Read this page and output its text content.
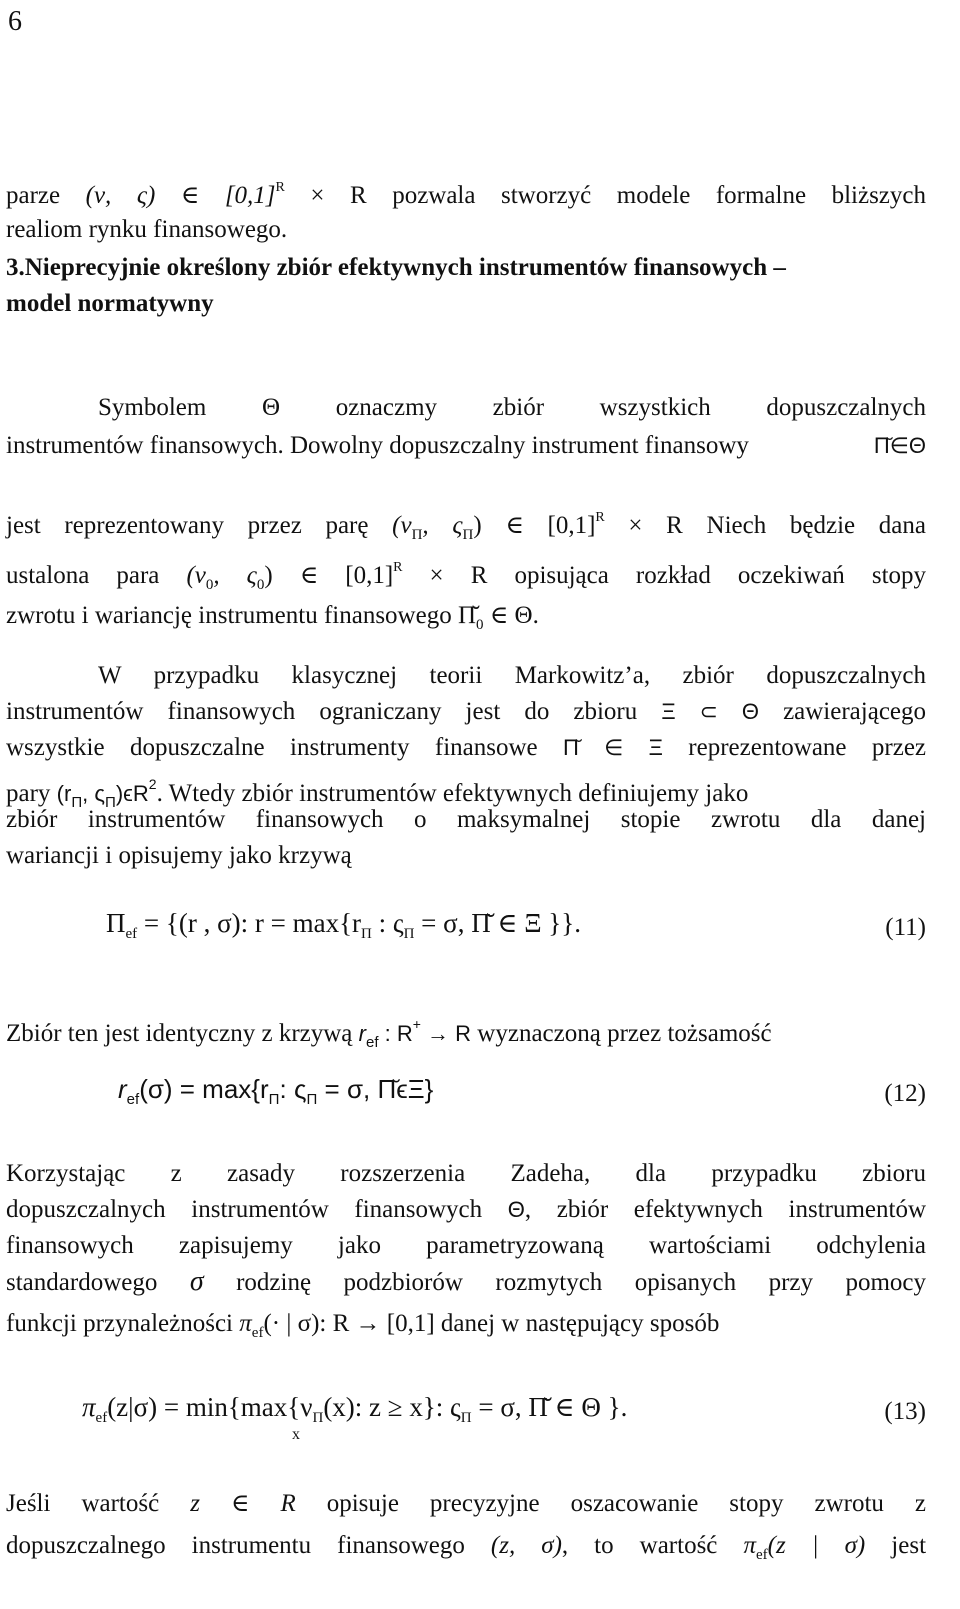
6
parze (ν, ς) ∈ $[0,1]^R \times R$ pozwala stworzyć modele formalne bliższych
realiom rynku finansowego.
3.Nieprecyjnie określony zbiór efektywnych instrumentów finansowych –
model normatywny
Symbolem Θ oznaczmy zbiór wszystkich dopuszczalnych
instrumentów finansowych. Dowolny dopuszczalny instrument finansowy	Π̆∈Θ
jest reprezentowany przez parę ($\nu_\Pi$, $\varsigma_\Pi$) ∈ $[0,1]^R \times R$ Niech będzie dana
ustalona para ($\nu_0$, $\varsigma_0$) ∈ $[0,1]^R \times R$ opisująca rozkład oczekiwań stopy
zwrotu i wariancję instrumentu finansowego $\Pĭ_0$ ∈ Θ.
W przypadku klasycznej teorii Markowitz’a, zbiór dopuszczalnych
instrumentów finansowych ograniczany jest do zbioru Ξ ⊂ Θ zawierającego
wszystkie dopuszczalne instrumenty finansowe Π̆ ∈ Ξ reprezentowane przez
pary ($r_\Pi$, $\varsigma_\Pi)\epsilon R^2$. Wtedy zbiór instrumentów efektywnych definiujemy jako
zbiór instrumentów finansowych o maksymalnej stopie zwrotu dla danej
wariancji i opisujemy jako krzywą
$\Pi_{ef} = \{(r$ , σ): $r = \max\{r_\Pi$ : $\varsigma_\Pi = \sigma$, Π̆ ∈ Ξ }}.	(11)
Zbiór ten jest identyczny z krzywą $r_{ef}$ : R+ → R wyznaczoną przez tożsamość
$r_{ef}(\sigma) = \max\{r_\Pi$: $\varsigma_\Pi = \sigma$, Π̆ϵΞ}	(12)
Korzystając z zasady rozszerzenia Zadeha, dla przypadku zbioru
dopuszczalnych instrumentów finansowych Θ, zbiór efektywnych instrumentów
finansowych zapisujemy jako parametryzowaną wartościami odchylenia
standardowego σ rodzinę podzbiorów rozmytych opisanych przy pomocy
funkcji przynależności $\pi_{ef}(\cdot$ | σ): R → [0,1] danej w następujący sposób
$\pi_{ef}(z|\sigma) = \min\{\max\{\nu_\Pi(x)$: z ≥ x}: $\varsigma_\Pi = \sigma$, Π̆ ∈ Θ }.
x
(13)
Jeśli wartość z ∈ R opisuje precyzyjne oszacowanie stopy zwrotu z
dopuszczalnego instrumentu finansowego (z, σ), to wartość $\pi_{ef}(z$ | σ) jest
